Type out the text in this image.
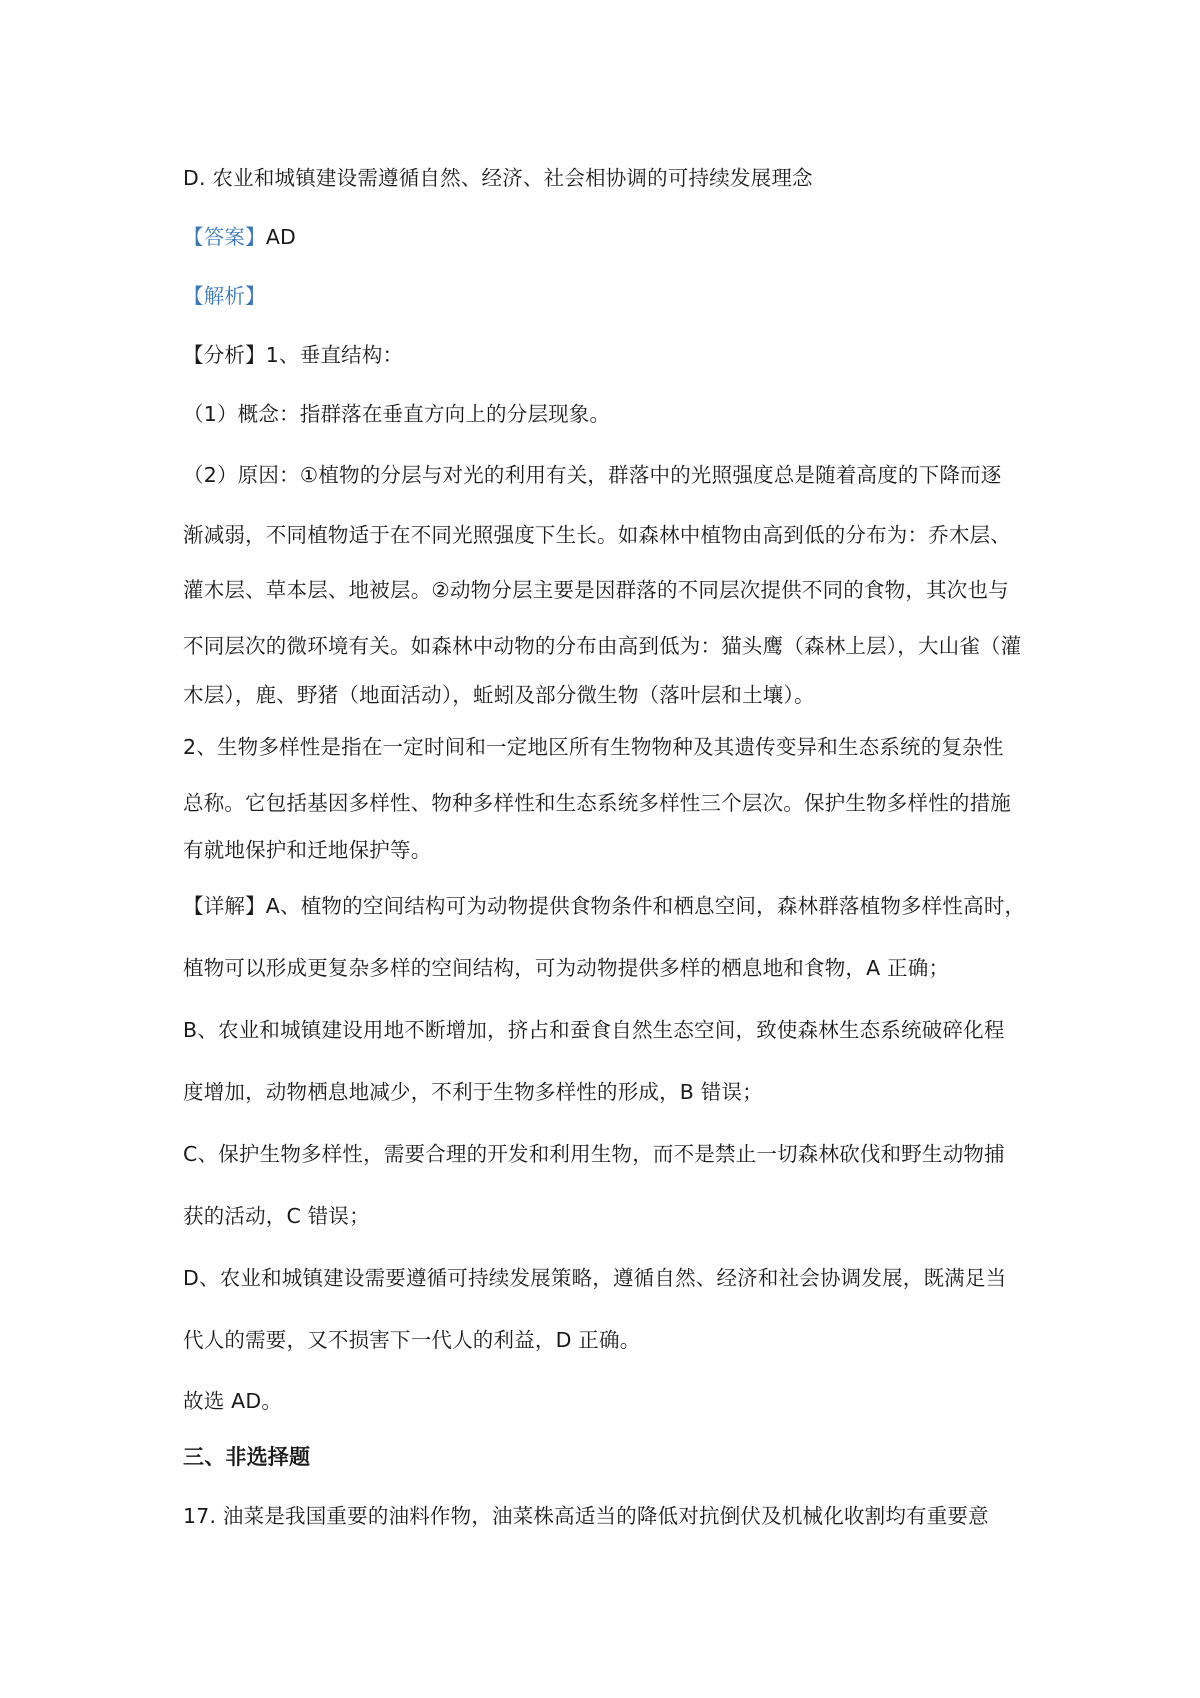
D. 农业和城镇建设需遵循自然、经济、社会相协调的可持续发展理念
【答案】AD
【解析】
【分析】1、垂直结构：
（1）概念：指群落在垂直方向上的分层现象。
（2）原因：①植物的分层与对光的利用有关，群落中的光照强度总是随着高度的下降而逐
渐减弱，不同植物适于在不同光照强度下生长。如森林中植物由高到低的分布为：乔木层、
灌木层、草本层、地被层。②动物分层主要是因群落的不同层次提供不同的食物，其次也与
不同层次的微环境有关。如森林中动物的分布由高到低为：猫头鹰（森林上层），大山雀（灌
木层），鹿、野猪（地面活动），蚯蚓及部分微生物（落叶层和土壤）。
2、生物多样性是指在一定时间和一定地区所有生物物种及其遗传变异和生态系统的复杂性
总称。它包括基因多样性、物种多样性和生态系统多样性三个层次。保护生物多样性的措施
有就地保护和迁地保护等。
【详解】A、植物的空间结构可为动物提供食物条件和栖息空间，森林群落植物多样性高时，
植物可以形成更复杂多样的空间结构，可为动物提供多样的栖息地和食物，A 正确；
B、农业和城镇建设用地不断增加，挤占和蚕食自然生态空间，致使森林生态系统破碎化程
度增加，动物栖息地减少，不利于生物多样性的形成，B 错误；
C、保护生物多样性，需要合理的开发和利用生物，而不是禁止一切森林砍伐和野生动物捕
获的活动，C 错误；
D、农业和城镇建设需要遵循可持续发展策略，遵循自然、经济和社会协调发展，既满足当
代人的需要，又不损害下一代人的利益，D 正确。
故选 AD。
三、非选择题
17. 油菜是我国重要的油料作物，油菜株高适当的降低对抗倒伏及机械化收割均有重要意
